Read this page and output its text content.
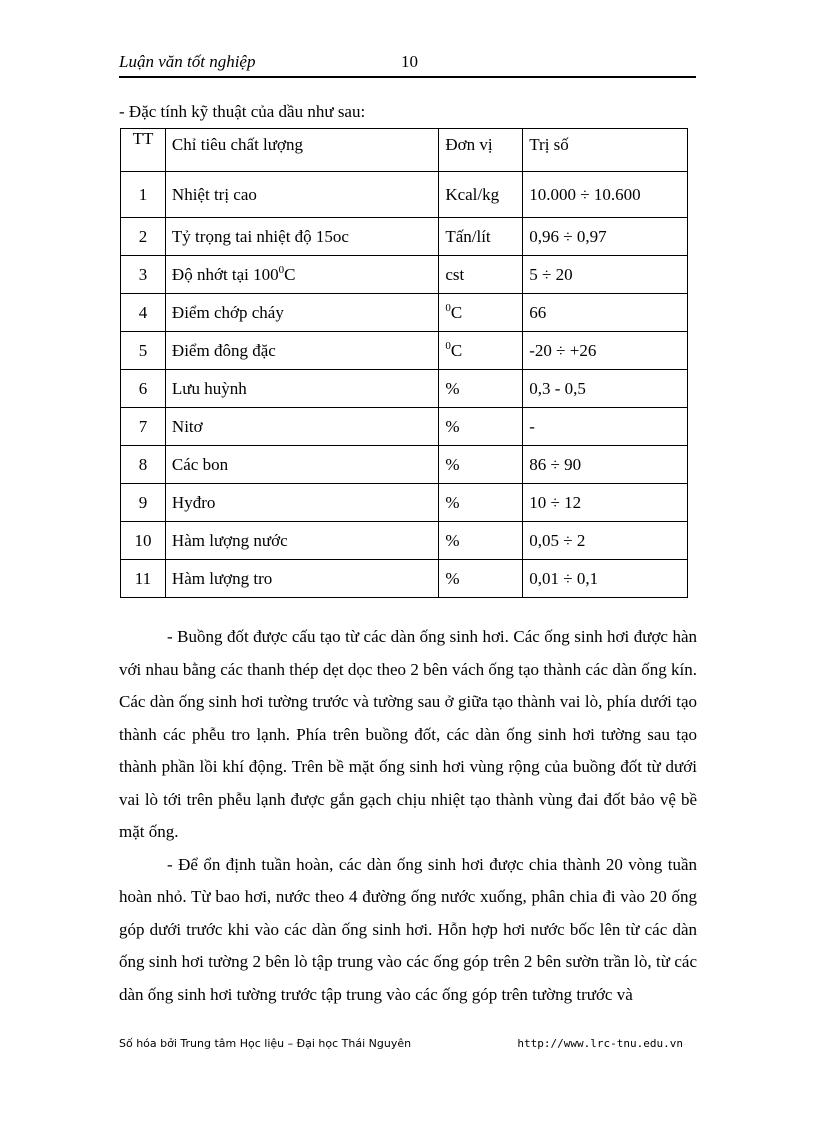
Luận văn tốt nghiệp	10
- Đặc tính kỹ thuật của dầu như sau:
TT	Chỉ tiêu chất lượng	Đơn vị	Trị số
1	Nhiệt trị cao	Kcal/kg	10.000 ÷ 10.600
2	Tỷ trọng tai nhiệt độ 15oc	Tấn/lít	0,96 ÷ 0,97
3	Độ nhớt tại $100^0C$	cst	5 ÷ 20
4	Điểm chớp cháy	$^0$C	66
5	Điểm đông đặc	$^0$C	-20 ÷ +26
6	Lưu huỳnh	%	0,3 - 0,5
7	Nitơ	%	-
8	Các bon	%	86 ÷ 90
9	Hyđro	%	10 ÷ 12
10	Hàm lượng nước	%	0,05 ÷ 2
11	Hàm lượng tro	%	0,01 ÷ 0,1

- Buồng đốt được cấu tạo từ các dàn ống sinh hơi. Các ống sinh hơi được hàn với nhau bằng các thanh thép dẹt dọc theo 2 bên vách ống tạo thành các dàn ống kín. Các dàn ống sinh hơi tường trước và tường sau ở giữa tạo thành vai lò, phía dưới tạo thành các phễu tro lạnh. Phía trên buồng đốt, các dàn ống sinh hơi tường sau tạo thành phần lồi khí động. Trên bề mặt ống sinh hơi vùng rộng của buồng đốt từ dưới vai lò tới trên phễu lạnh được gắn gạch chịu nhiệt tạo thành vùng đai đốt bảo vệ bề mặt ống.

- Để ổn định tuần hoàn, các dàn ống sinh hơi được chia thành 20 vòng tuần hoàn nhỏ. Từ bao hơi, nước theo 4 đường ống nước xuống, phân chia đi vào 20 ống góp dưới trước khi vào các dàn ống sinh hơi. Hỗn hợp hơi nước bốc lên từ các dàn ống sinh hơi tường 2 bên lò tập trung vào các ống góp trên 2 bên sườn trần lò, từ các dàn ống sinh hơi tường trước tập trung vào các ống góp trên tường trước và

Số hóa bởi Trung tâm Học liệu – Đại học Thái Nguyên	http://www.lrc-tnu.edu.vn
